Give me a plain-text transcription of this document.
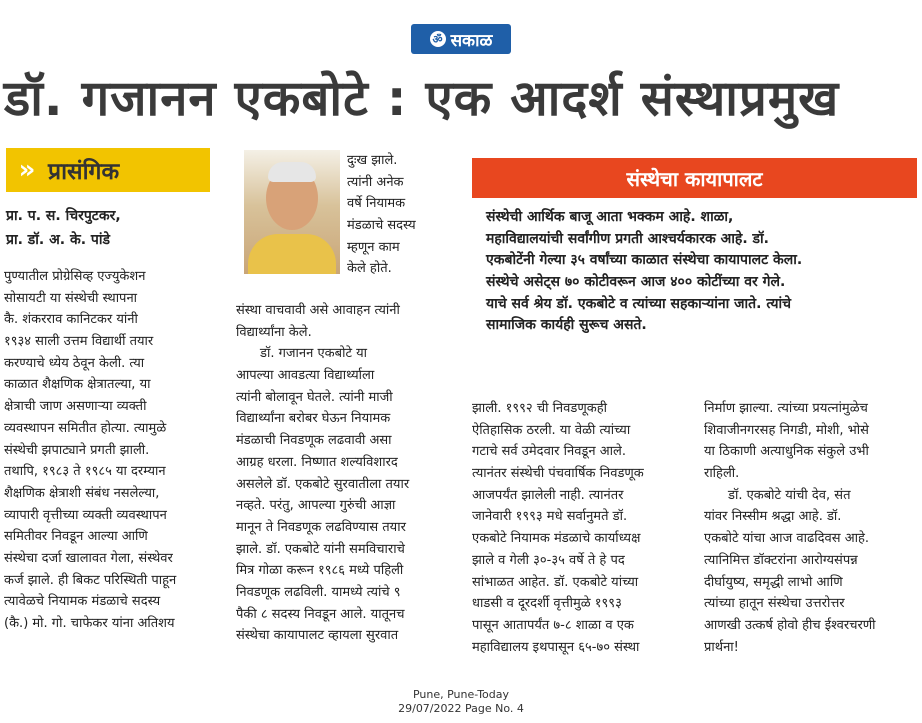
ॐ सकाळ
डॉ. गजानन एकबोटे : एक आदर्श संस्थाप्रमुख
» प्रासंगिक
प्रा. प. स. चिरपुटकर,
प्रा. डॉ. अ. के. पांडे
पुण्यातील प्रोग्रेसिव्ह एज्युकेशन
सोसायटी या संस्थेची स्थापना
कै. शंकरराव कानिटकर यांनी
१९३४ साली उत्तम विद्यार्थी तयार
करण्याचे ध्येय ठेवून केली. त्या
काळात शैक्षणिक क्षेत्रातल्या, या
क्षेत्राची जाण असणाऱ्या व्यक्ती
व्यवस्थापन समितीत होत्या. त्यामुळे
संस्थेची झपाट्याने प्रगती झाली.
तथापि, १९८३ ते १९८५ या दरम्यान
शैक्षणिक क्षेत्राशी संबंध नसलेल्या,
व्यापारी वृत्तीच्या व्यक्ती व्यवस्थापन
समितीवर निवडून आल्या आणि
संस्थेचा दर्जा खालावत गेला, संस्थेवर
कर्ज झाले. ही बिकट परिस्थिती पाहून
त्यावेळचे नियामक मंडळाचे सदस्य
(कै.) मो. गो. चाफेकर यांना अतिशय
दुःख झाले.
त्यांनी अनेक
वर्षे नियामक
मंडळाचे सदस्य
म्हणून काम
केले होते.
संस्था वाचवावी असे आवाहन त्यांनी
विद्यार्थ्यांना केले.
डॉ. गजानन एकबोटे या
आपल्या आवडत्या विद्यार्थ्याला
त्यांनी बोलावून घेतले. त्यांनी माजी
विद्यार्थ्यांना बरोबर घेऊन नियामक
मंडळाची निवडणूक लढवावी असा
आग्रह धरला. निष्णात शल्यविशारद
असलेले डॉ. एकबोटे सुरवातीला तयार
नव्हते. परंतु, आपल्या गुरुंची आज्ञा
मानून ते निवडणूक लढविण्यास तयार
झाले. डॉ. एकबोटे यांनी समविचाराचे
मित्र गोळा करून १९८६ मध्ये पहिली
निवडणूक लढविली. यामध्ये त्यांचे ९
पैकी ८ सदस्य निवडून आले. यातूनच
संस्थेचा कायापालट व्हायला सुरवात
संस्थेचा कायापालट
संस्थेची आर्थिक बाजू आता भक्कम आहे. शाळा,
महाविद्यालयांची सर्वांगीण प्रगती आश्चर्यकारक आहे. डॉ.
एकबोटेंनी गेल्या ३५ वर्षांच्या काळात संस्थेचा कायापालट केला.
संस्थेचे असेट्स ७० कोटीवरून आज ४०० कोटींच्या वर गेले.
याचे सर्व श्रेय डॉ. एकबोटे व त्यांच्या सहकाऱ्यांना जाते. त्यांचे
सामाजिक कार्यही सुरूच असते.
झाली. १९९२ ची निवडणूकही
ऐतिहासिक ठरली. या वेळी त्यांच्या
गटाचे सर्व उमेदवार निवडून आले.
त्यानंतर संस्थेची पंचवार्षिक निवडणूक
आजपर्यंत झालेली नाही. त्यानंतर
जानेवारी १९९३ मधे सर्वानुमते डॉ.
एकबोटे नियामक मंडळाचे कार्याध्यक्ष
झाले व गेली ३०-३५ वर्षे ते हे पद
सांभाळत आहेत. डॉ. एकबोटे यांच्या
धाडसी व दूरदर्शी वृत्तीमुळे १९९३
पासून आतापर्यंत ७-८ शाळा व एक
महाविद्यालय इथपासून ६५-७० संस्था
निर्माण झाल्या. त्यांच्या प्रयत्नांमुळेच
शिवाजीनगरसह निगडी, मोशी, भोसे
या ठिकाणी अत्याधुनिक संकुले उभी
राहिली.
डॉ. एकबोटे यांची देव, संत
यांवर निस्सीम श्रद्धा आहे. डॉ.
एकबोटे यांचा आज वाढदिवस आहे.
त्यानिमित्त डॉक्टरांना आरोग्यसंपन्न
दीर्घायुष्य, समृद्धी लाभो आणि
त्यांच्या हातून संस्थेचा उत्तरोत्तर
आणखी उत्कर्ष होवो हीच ईश्वरचरणी
प्रार्थना!
Pune, Pune-Today
29/07/2022 Page No. 4
